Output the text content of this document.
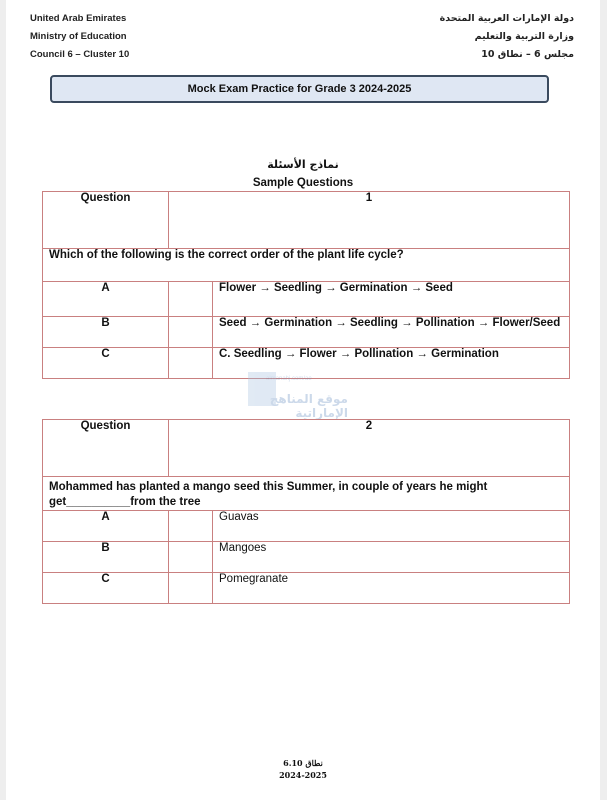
United Arab Emirates
Ministry of Education
Council 6 – Cluster 10
دولة الإمارات العربية المتحدة
وزارة التربية والتعليم
مجلس 6 – نطاق 10
Mock Exam Practice for Grade 3 2024-2025
نماذج الأسئلة
Sample Questions
Question	1	
Which of the following is the correct order of the plant life cycle?		
A		Flower → Seedling → Germination → Seed
B		Seed → Germination → Seedling → Pollination → Flower/Seed
C		C. Seedling → Flower → Pollination → Germination
almanahj.com/ae
موقع المناهج الإماراتية
Question	2	

Mohammed has planted a mango seed this Summer, in couple of years he might
get__________from the tree		

A		Guavas
B		Mangoes
C		Pomegranate
نطاق 6.10
2024-2025
